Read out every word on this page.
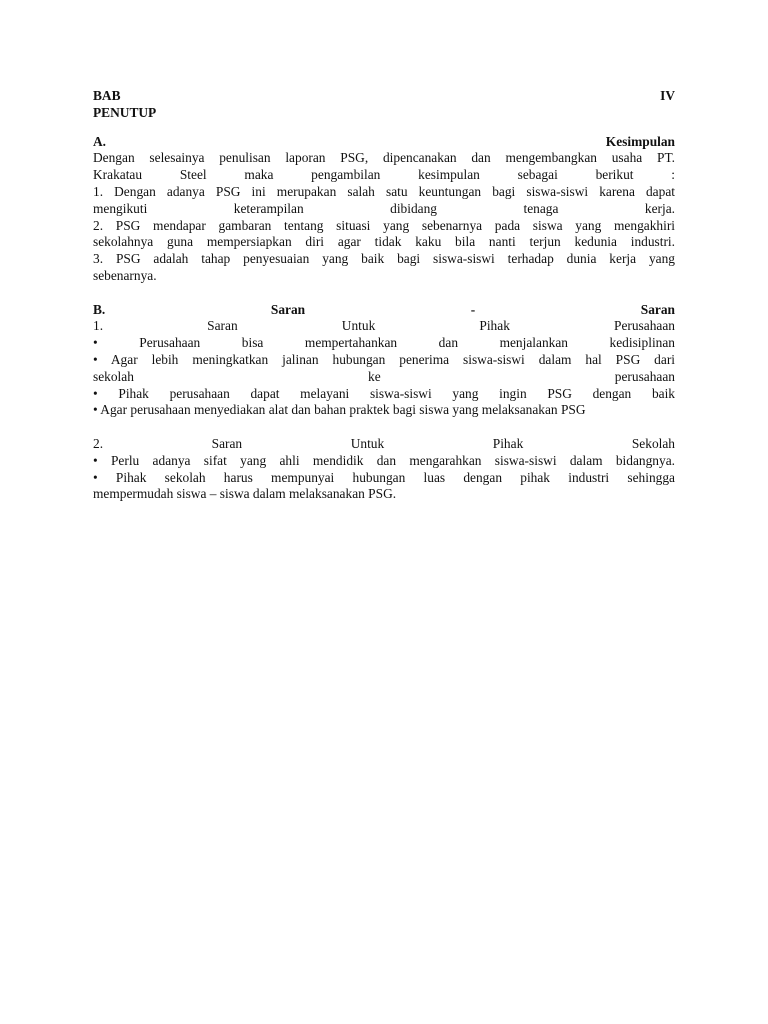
BAB	IV
PENUTUP
A.	Kesimpulan
Dengan selesainya penulisan laporan PSG, dipencanakan dan mengembangkan usaha PT.
Krakatau Steel maka pengambilan kesimpulan sebagai berikut :
1. Dengan adanya PSG ini merupakan salah satu keuntungan bagi siswa-siswi karena dapat
mengikuti keterampilan dibidang tenaga kerja.
2. PSG mendapar gambaran tentang situasi yang sebenarnya pada siswa yang mengakhiri
sekolahnya guna mempersiapkan diri agar tidak kaku bila nanti terjun kedunia industri.
3. PSG adalah tahap penyesuaian yang baik bagi siswa-siswi terhadap dunia kerja yang
sebenarnya.
B.	Saran	-	Saran
1. Saran Untuk Pihak Perusahaan
• Perusahaan bisa mempertahankan dan menjalankan kedisiplinan
• Agar lebih meningkatkan jalinan hubungan penerima siswa-siswi dalam hal PSG dari
sekolah ke perusahaan
• Pihak perusahaan dapat melayani siswa-siswi yang ingin PSG dengan baik
• Agar perusahaan menyediakan alat dan bahan praktek bagi siswa yang melaksanakan PSG
2. Saran Untuk Pihak Sekolah
• Perlu adanya sifat yang ahli mendidik dan mengarahkan siswa-siswi dalam bidangnya.
• Pihak sekolah harus mempunyai hubungan luas dengan pihak industri sehingga
mempermudah siswa – siswa dalam melaksanakan PSG.
